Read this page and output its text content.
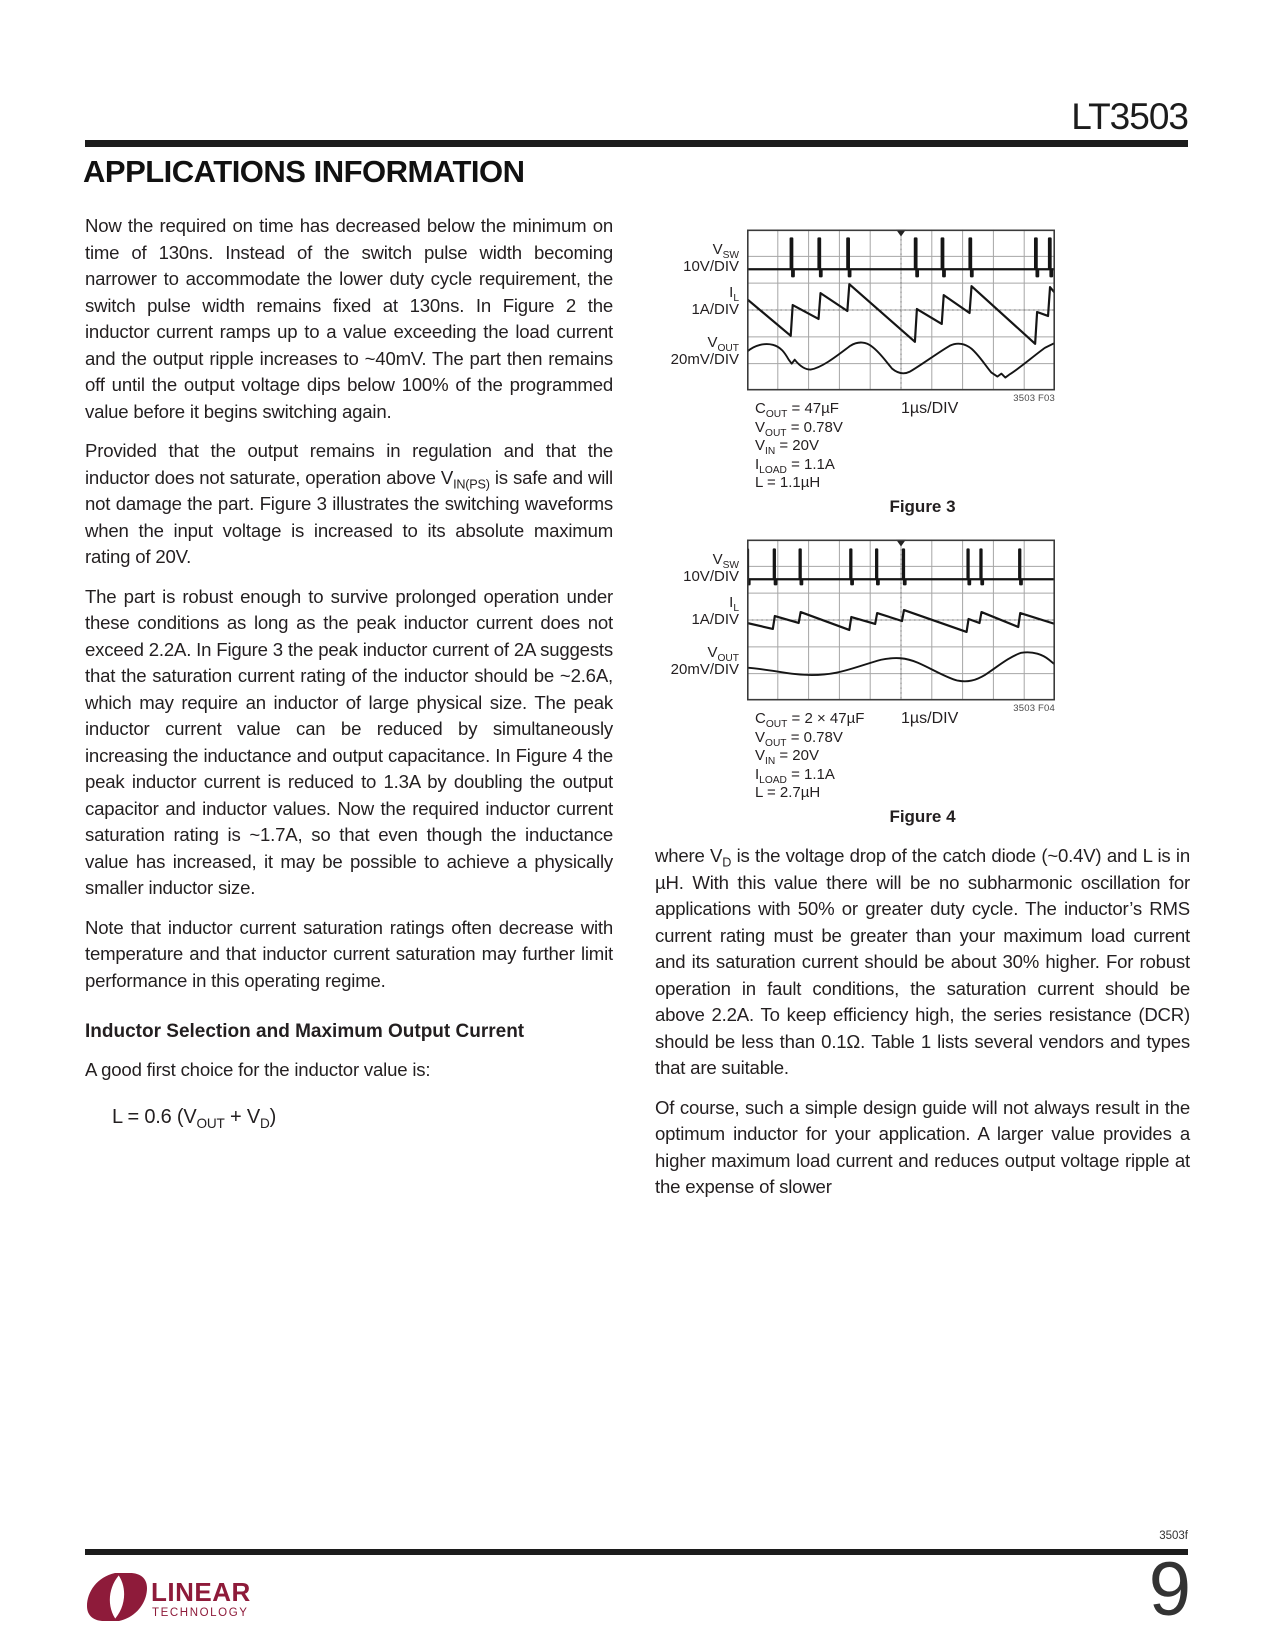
LT3503
APPLICATIONS INFORMATION

Now the required on time has decreased below the minimum on time of 130ns. Instead of the switch pulse width becoming narrower to accommodate the lower duty cycle requirement, the switch pulse width remains fixed at 130ns. In Figure 2 the inductor current ramps up to a value exceeding the load current and the output ripple increases to ~40mV. The part then remains off until the output voltage dips below 100% of the programmed value before it begins switching again.

Provided that the output remains in regulation and that the inductor does not saturate, operation above $V_{IN(PS)}$ is safe and will not damage the part. Figure 3 illustrates the switching waveforms when the input voltage is increased to its absolute maximum rating of 20V.

The part is robust enough to survive prolonged operation under these conditions as long as the peak inductor current does not exceed 2.2A. In Figure 3 the peak inductor current of 2A suggests that the saturation current rating of the inductor should be ~2.6A, which may require an inductor of large physical size. The peak inductor current value can be reduced by simultaneously increasing the inductance and output capacitance. In Figure 4 the peak inductor current is reduced to 1.3A by doubling the output capacitor and inductor values. Now the required inductor current saturation rating is ~1.7A, so that even though the inductance value has increased, it may be possible to achieve a physically smaller inductor size.

Note that inductor current saturation ratings often decrease with temperature and that inductor current saturation may further limit performance in this operating regime.

Inductor Selection and Maximum Output Current

A good first choice for the inductor value is:

L = 0.6 $(V_{OUT} + V_D)$
$V_{SW}$
10V/DIV
$I_L$
1A/DIV
$V_{OUT}$
20mV/DIV
3503 F03
$C_{OUT} = 47\mu F$
$V_{OUT} = 0.78V$
$V_{IN} = 20V$
$I_{LOAD} = 1.1A$
L = 1.1µH
1µs/DIV
Figure 3
$V_{SW}$
10V/DIV
$I_L$
1A/DIV
$V_{OUT}$
20mV/DIV
3503 F04
$C_{OUT} = 2 \times 47\mu F$
$V_{OUT} = 0.78V$
$V_{IN} = 20V$
$I_{LOAD} = 1.1A$
L = 2.7µH
1µs/DIV
Figure 4

where $V_D$ is the voltage drop of the catch diode (~0.4V) and L is in µH. With this value there will be no subharmonic oscillation for applications with 50% or greater duty cycle. The inductor’s RMS current rating must be greater than your maximum load current and its saturation current should be about 30% higher. For robust operation in fault conditions, the saturation current should be above 2.2A. To keep efficiency high, the series resistance (DCR) should be less than 0.1Ω. Table 1 lists several vendors and types that are suitable.

Of course, such a simple design guide will not always result in the optimum inductor for your application. A larger value provides a higher maximum load current and reduces output voltage ripple at the expense of slower

3503f
LINEAR
TECHNOLOGY	9
